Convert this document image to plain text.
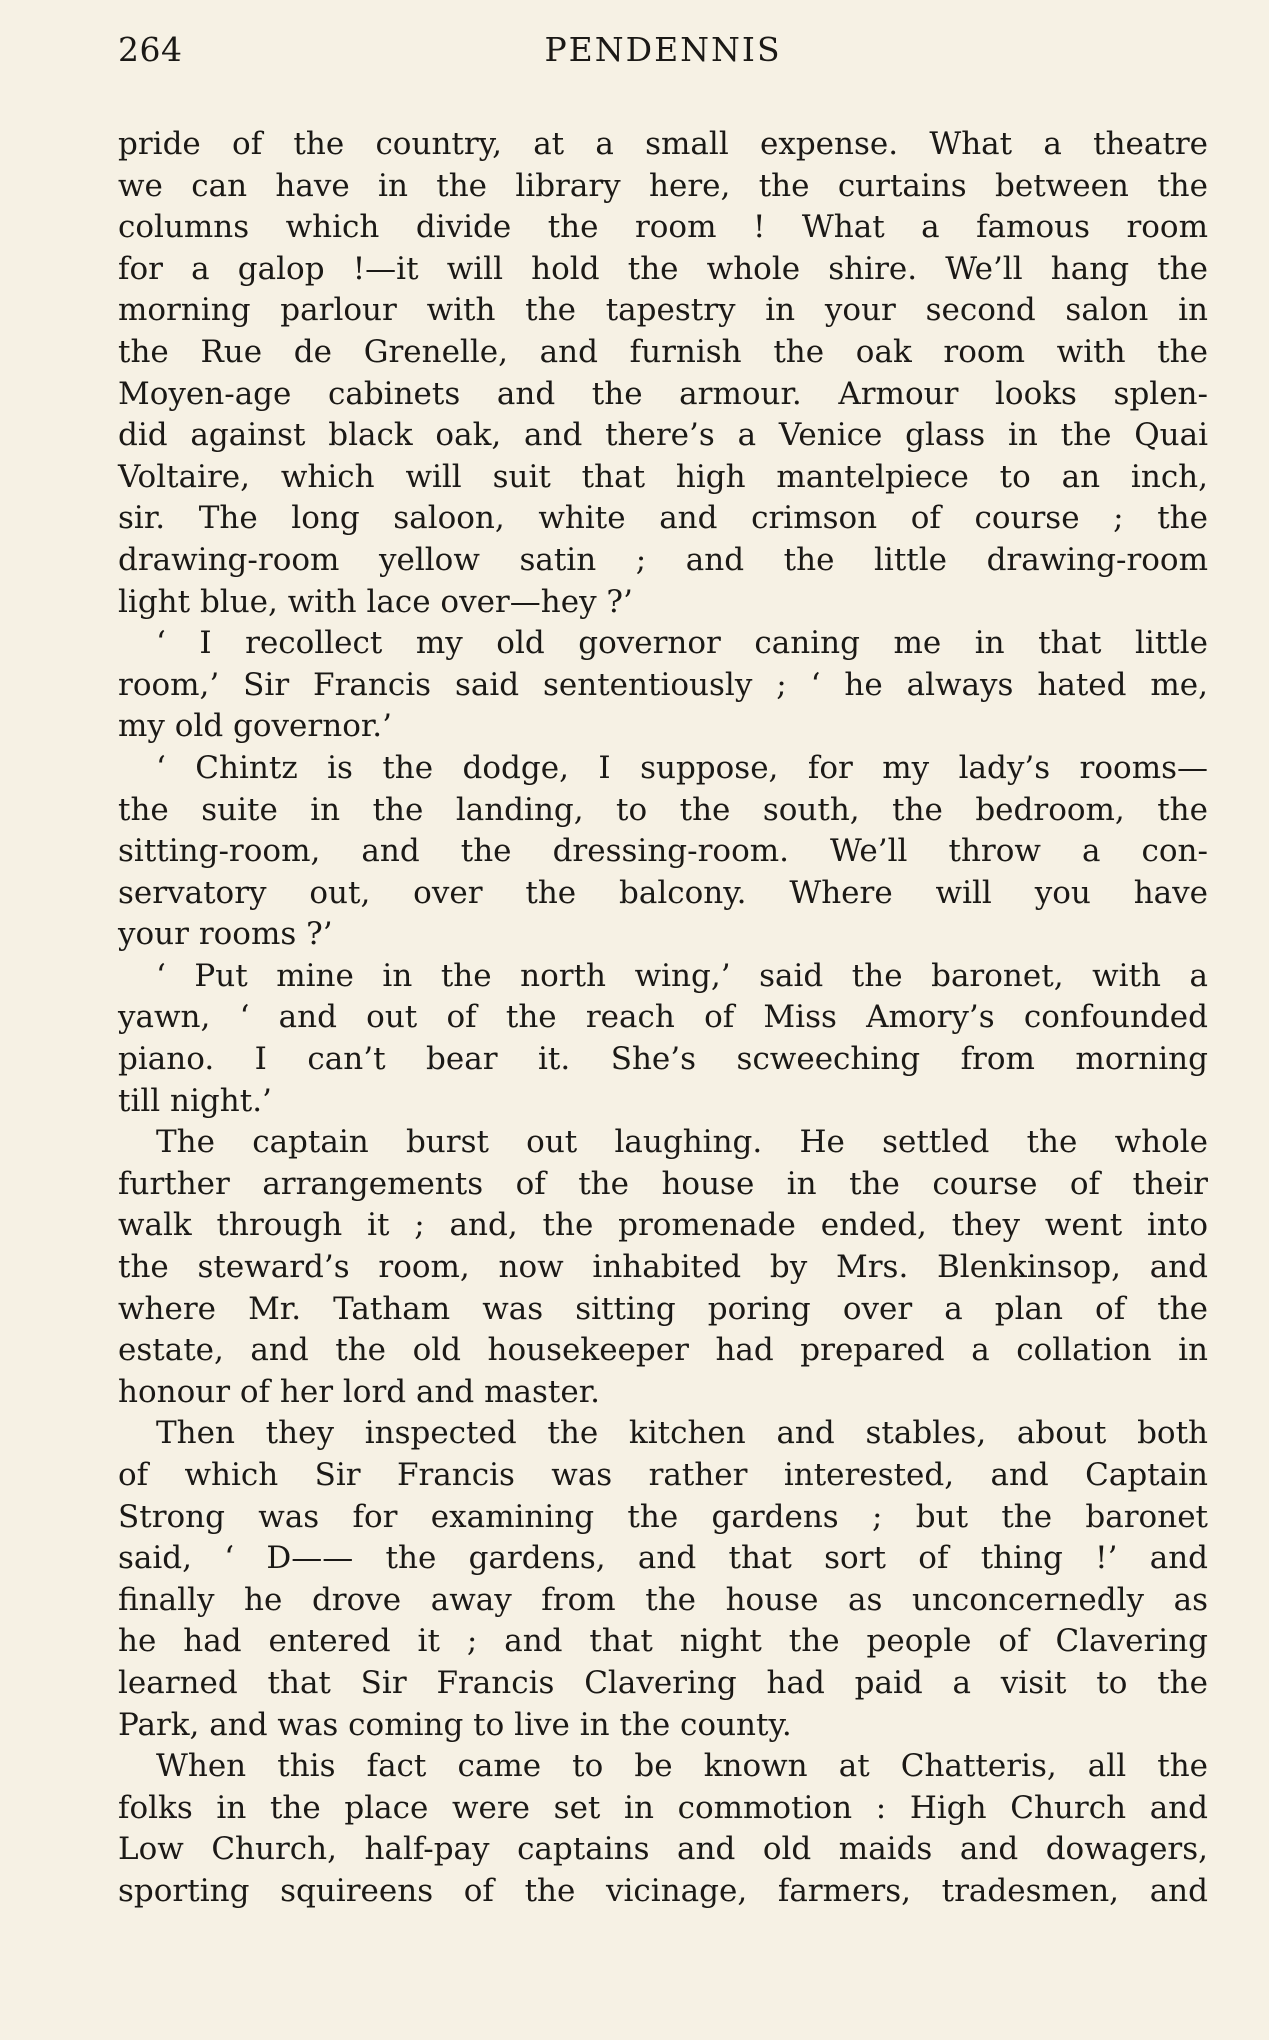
264	PENDENNIS
pride of the country, at a small expense. What a theatre
we can have in the library here, the curtains between the
columns which divide the room ! What a famous room
for a galop !—it will hold the whole shire. We’ll hang the
morning parlour with the tapestry in your second salon in
the Rue de Grenelle, and furnish the oak room with the
Moyen-age cabinets and the armour. Armour looks splen-
did against black oak, and there’s a Venice glass in the Quai
Voltaire, which will suit that high mantelpiece to an inch,
sir. The long saloon, white and crimson of course ; the
drawing-room yellow satin ; and the little drawing-room
light blue, with lace over—hey ?’
‘ I recollect my old governor caning me in that little
room,’ Sir Francis said sententiously ; ‘ he always hated me,
my old governor.’
‘ Chintz is the dodge, I suppose, for my lady’s rooms—
the suite in the landing, to the south, the bedroom, the
sitting-room, and the dressing-room. We’ll throw a con-
servatory out, over the balcony. Where will you have
your rooms ?’
‘ Put mine in the north wing,’ said the baronet, with a
yawn, ‘ and out of the reach of Miss Amory’s confounded
piano. I can’t bear it. She’s scweeching from morning
till night.’
The captain burst out laughing. He settled the whole
further arrangements of the house in the course of their
walk through it ; and, the promenade ended, they went into
the steward’s room, now inhabited by Mrs. Blenkinsop, and
where Mr. Tatham was sitting poring over a plan of the
estate, and the old housekeeper had prepared a collation in
honour of her lord and master.
Then they inspected the kitchen and stables, about both
of which Sir Francis was rather interested, and Captain
Strong was for examining the gardens ; but the baronet
said, ‘ D—— the gardens, and that sort of thing !’ and
finally he drove away from the house as unconcernedly as
he had entered it ; and that night the people of Clavering
learned that Sir Francis Clavering had paid a visit to the
Park, and was coming to live in the county.
When this fact came to be known at Chatteris, all the
folks in the place were set in commotion : High Church and
Low Church, half-pay captains and old maids and dowagers,
sporting squireens of the vicinage, farmers, tradesmen, and
